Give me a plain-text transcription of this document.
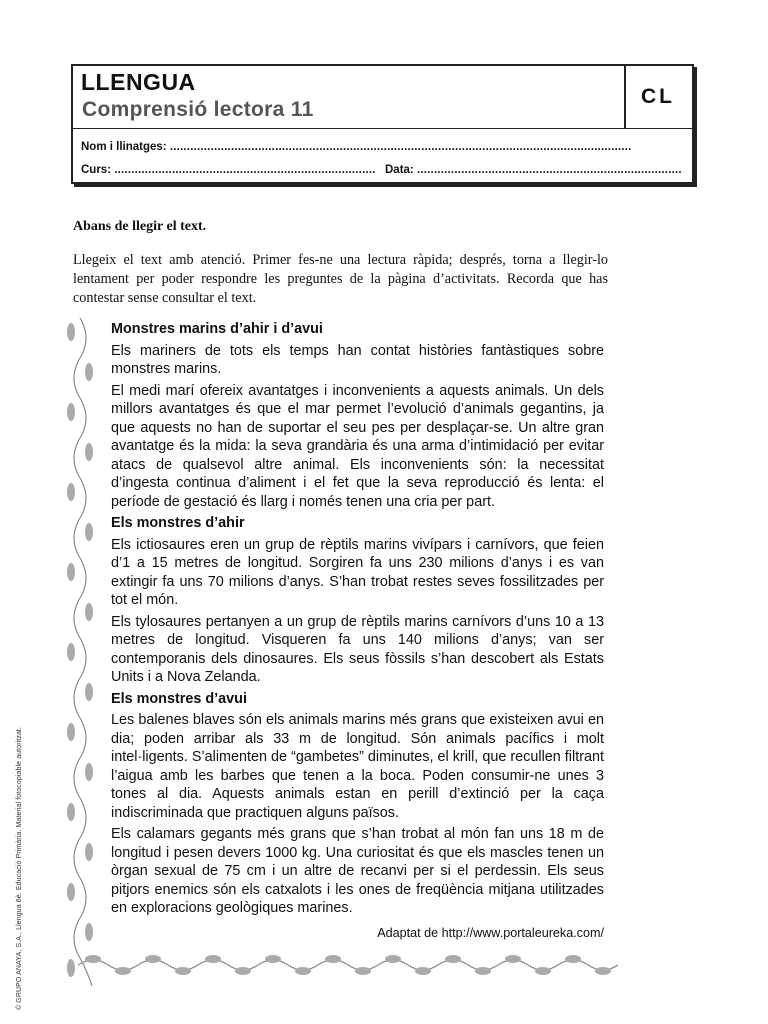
LLENGUA
Comprensió lectora 11
CL
Nom i llinatges: ........................................................................................................................................
Curs: ............................................................................. Data: ..............................................................................
Abans de llegir el text.
Llegeix el text amb atenció. Primer fes-ne una lectura ràpida; després, torna a llegir-lo lentament per poder respondre les preguntes de la pàgina d’activitats. Recorda que has contestar sense consultar el text.
Monstres marins d’ahir i d’avui

Els mariners de tots els temps han contat històries fantàstiques sobre monstres marins.

El medi marí ofereix avantatges i inconvenients a aquests animals. Un dels millors avantatges és que el mar permet l’evolució d’animals gegantins, ja que aquests no han de suportar el seu pes per desplaçar-se. Un altre gran avantatge és la mida: la seva grandària és una arma d’intimidació per evitar atacs de qualsevol altre animal. Els inconvenients són: la necessitat d’ingesta continua d’aliment i el fet que la seva reproducció és lenta: el període de gestació és llarg i només tenen una cria per part.

Els monstres d’ahir

Els ictiosaures eren un grup de rèptils marins vivípars i carnívors, que feien d’1 a 15 metres de longitud. Sorgiren fa uns 230 milions d’anys i es van extingir fa uns 70 milions d’anys. S’han trobat restes seves fossilitzades per tot el món.

Els tylosaures pertanyen a un grup de rèptils marins carnívors d’uns 10 a 13 metres de longitud. Visqueren fa uns 140 milions d’anys; van ser contemporanis dels dinosaures. Els seus fòssils s’han descobert als Estats Units i a Nova Zelanda.

Els monstres d’avui

Les balenes blaves són els animals marins més grans que existeixen avui en dia; poden arribar als 33 m de longitud. Són animals pacífics i molt intel·ligents. S’alimenten de “gambetes” diminutes, el krill, que recullen filtrant l’aigua amb les barbes que tenen a la boca. Poden consumir-ne unes 3 tones al dia. Aquests animals estan en perill d’extinció per la caça indiscriminada que practiquen alguns països.

Els calamars gegants més grans que s’han trobat al món fan uns 18 m de longitud i pesen devers 1000 kg. Una curiositat és que els mascles tenen un òrgan sexual de 75 cm i un altre de recanvi per si el perdessin. Els seus pitjors enemics són els catxalots i les ones de freqüència mitjana utilitzades en exploracions geològiques marines.

Adaptat de http://www.portaleureka.com/
© GRUPO ANAYA, S.A., Llengua 6è. Educació Primària. Material fotocopiable autoritzat.
